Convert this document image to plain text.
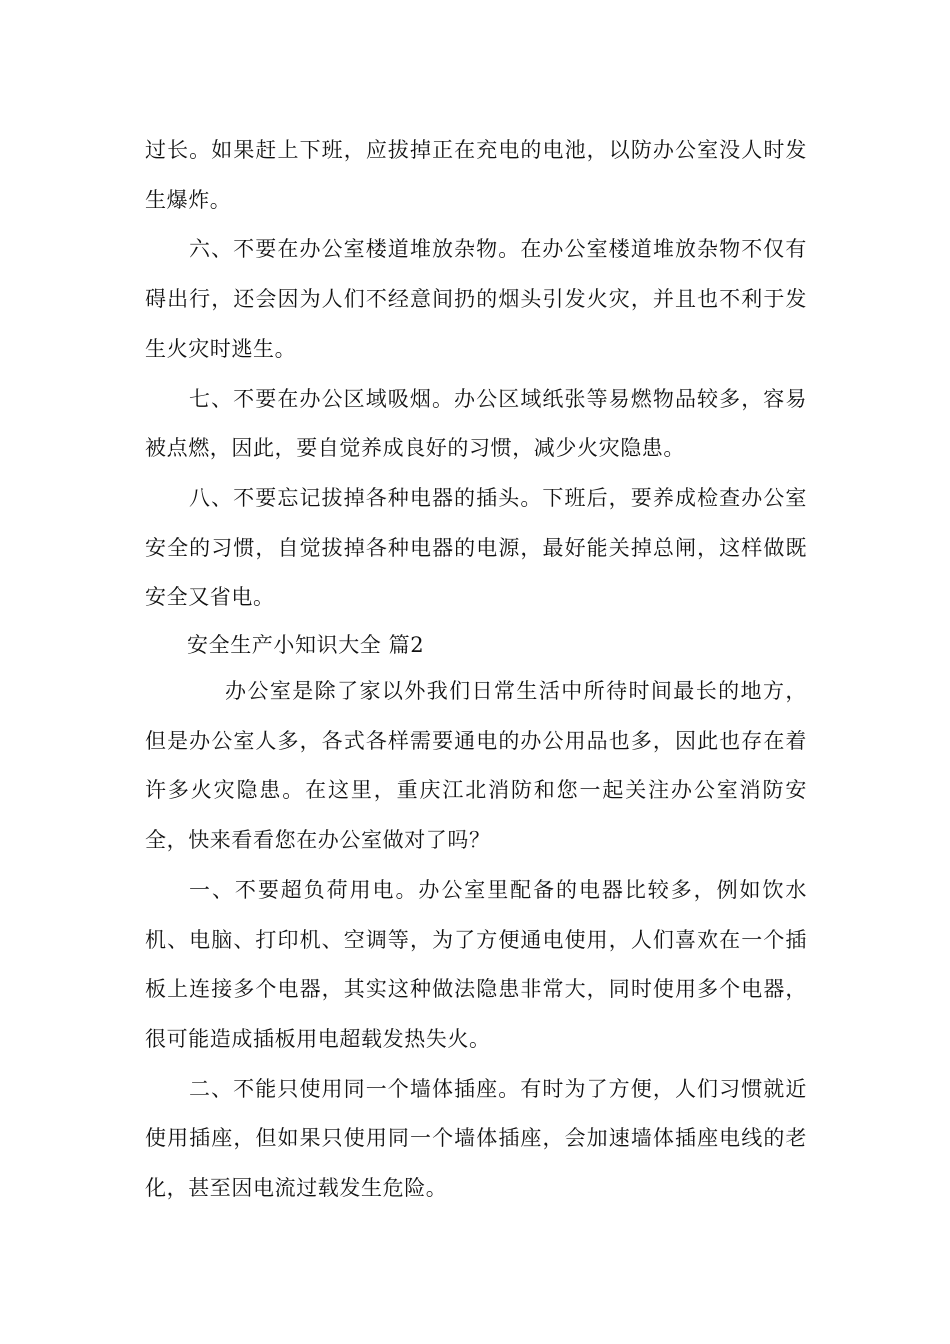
过长。如果赶上下班，应拔掉正在充电的电池，以防办公室没人时发生爆炸。

六、不要在办公室楼道堆放杂物。在办公室楼道堆放杂物不仅有碍出行，还会因为人们不经意间扔的烟头引发火灾，并且也不利于发生火灾时逃生。

七、不要在办公区域吸烟。办公区域纸张等易燃物品较多，容易被点燃，因此，要自觉养成良好的习惯，减少火灾隐患。

八、不要忘记拔掉各种电器的插头。下班后，要养成检查办公室安全的习惯，自觉拔掉各种电器的电源，最好能关掉总闸，这样做既安全又省电。

安全生产小知识大全 篇2

办公室是除了家以外我们日常生活中所待时间最长的地方，但是办公室人多，各式各样需要通电的办公用品也多，因此也存在着许多火灾隐患。在这里，重庆江北消防和您一起关注办公室消防安全，快来看看您在办公室做对了吗？

一、不要超负荷用电。办公室里配备的电器比较多，例如饮水机、电脑、打印机、空调等，为了方便通电使用，人们喜欢在一个插板上连接多个电器，其实这种做法隐患非常大，同时使用多个电器，很可能造成插板用电超载发热失火。

二、不能只使用同一个墙体插座。有时为了方便，人们习惯就近使用插座，但如果只使用同一个墙体插座，会加速墙体插座电线的老化，甚至因电流过载发生危险。
